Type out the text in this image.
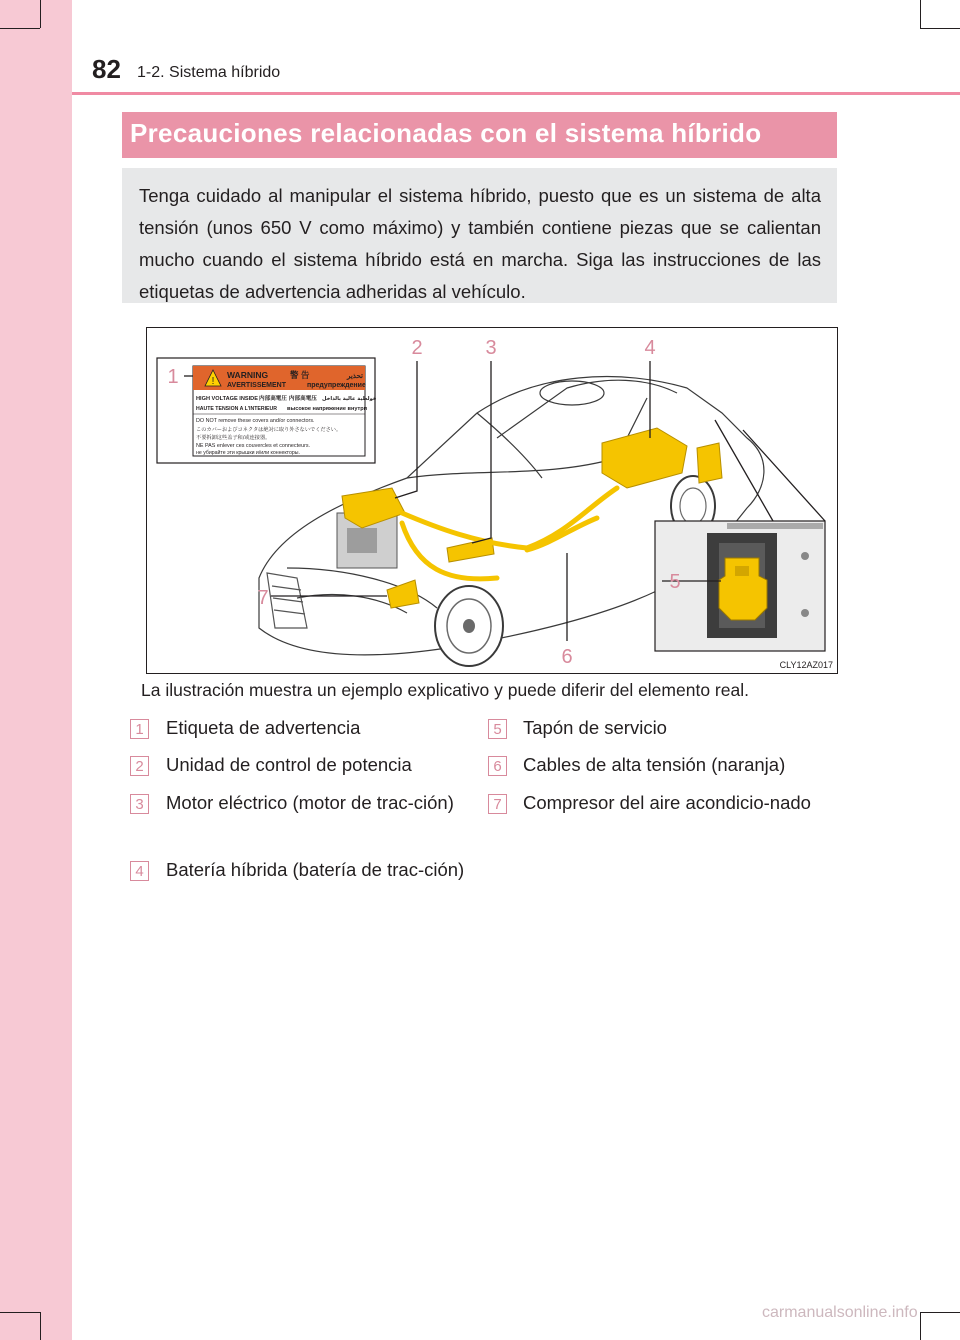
82 1-2. Sistema híbrido
Precauciones relacionadas con el sistema híbrido
Tenga cuidado al manipular el sistema híbrido, puesto que es un sistema de alta tensión (unos 650 V como máximo) y también contiene piezas que se calientan mucho cuando el sistema híbrido está en marcha. Siga las instrucciones de las etiquetas de advertencia adheridas al vehículo.
!
WARNING	警 告	تحذير
AVERTISSEMENT	предупреждение
HIGH VOLTAGE INSIDE 内部高電圧 内部高電压 فولطية عالية بالداخل
HAUTE TENSION A L'INTERIEUR высокое напряжение внутри
DO NOT remove these covers and/or connectors.
このカバーおよびコネクタは絶対に取り外さないでください。
不要拆卸这些盖子和/或连接器。
NE PAS enlever ces couvercles et connecteurs.
не убирайте эти крышки и/или коннекторы.
1
2	3	4
5
6
7
CLY12AZ017
La ilustración muestra un ejemplo explicativo y puede diferir del elemento real.
1 Etiqueta de advertencia
2 Unidad de control de potencia
3 Motor eléctrico (motor de trac-ción)
4 Batería híbrida (batería de trac-ción)
5 Tapón de servicio
6 Cables de alta tensión (naranja)
7 Compresor del aire acondicio-nado
carmanualsonline.info
